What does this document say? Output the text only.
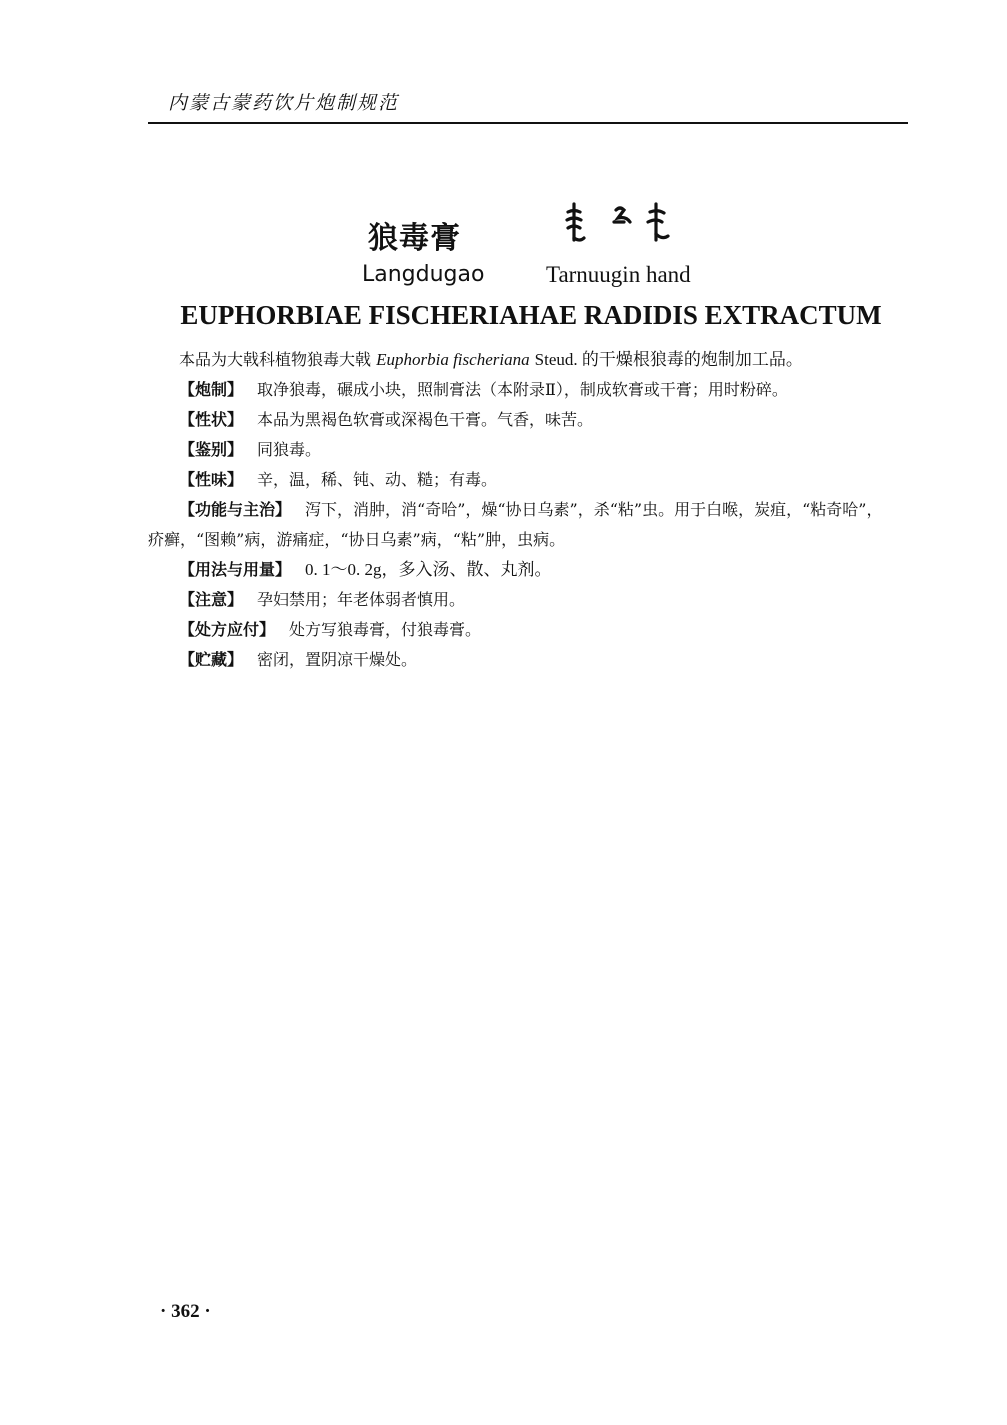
内蒙古蒙药饮片炮制规范
狼毒膏
Langdugao	Tarnuugin hand
EUPHORBIAE FISCHERIAHAE RADIDIS EXTRACTUM
本品为大戟科植物狼毒大戟 Euphorbia fischeriana Steud. 的干燥根狼毒的炮制加工品。
【炮制】 取净狼毒，碾成小块，照制膏法（本附录Ⅱ），制成软膏或干膏；用时粉碎。
【性状】 本品为黑褐色软膏或深褐色干膏。气香，味苦。
【鉴别】 同狼毒。
【性味】 辛，温，稀、钝、动、糙；有毒。
【功能与主治】 泻下，消肿，消“奇哈”，燥“协日乌素”，杀“粘”虫。用于白喉，炭疽，“粘奇哈”，
疥癣，“图赖”病，游痛症，“协日乌素”病，“粘”肿，虫病。
【用法与用量】 0. 1～0. 2g，多入汤、散、丸剂。
【注意】 孕妇禁用；年老体弱者慎用。
【处方应付】 处方写狼毒膏，付狼毒膏。
【贮藏】 密闭，置阴凉干燥处。
· 362 ·
